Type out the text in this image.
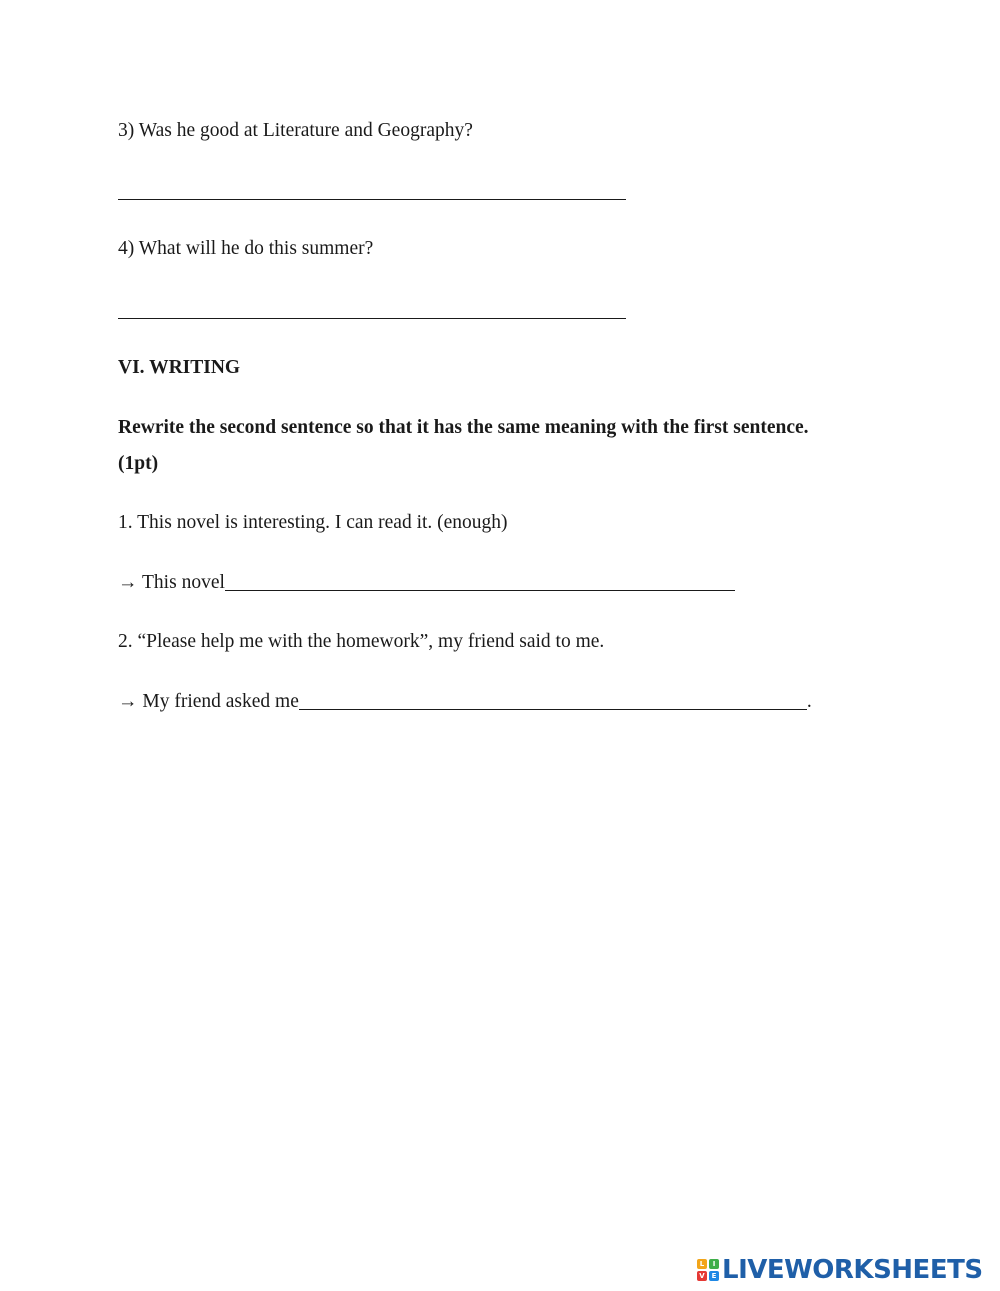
3) Was he good at Literature and Geography?
4) What will he do this summer?
VI. WRITING
Rewrite the second sentence so that it has the same meaning with the first sentence.
(1pt)
1. This novel is interesting. I can read it. (enough)
→ This novel
2. “Please help me with the homework”, my friend said to me.
→ My friend asked me	.
L	I
V E LIVEWORKSHEETS
